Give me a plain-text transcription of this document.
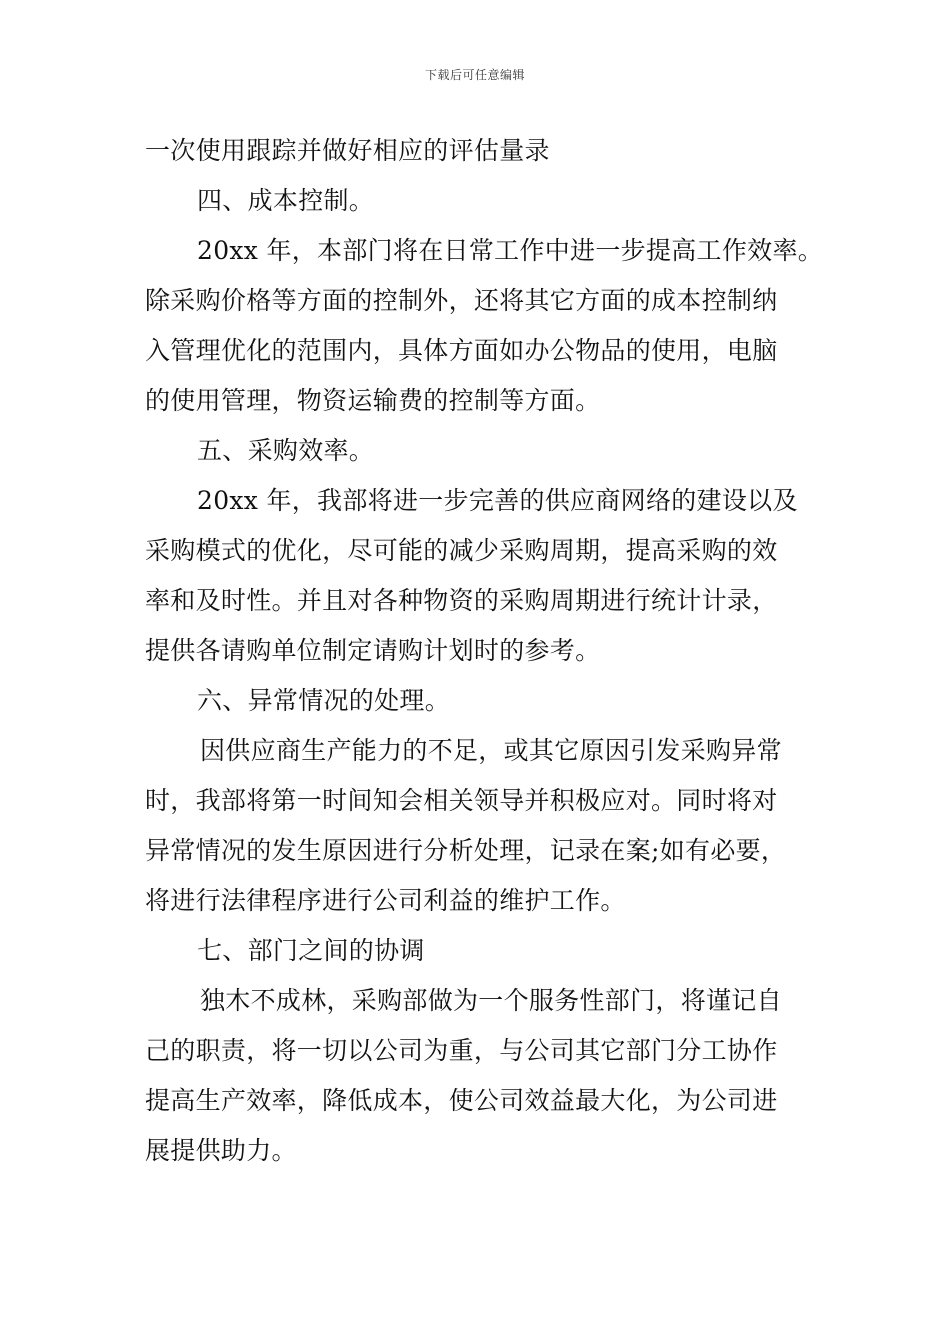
下载后可任意编辑
一次使用跟踪并做好相应的评估量录
四、成本控制。
20xx 年，本部门将在日常工作中进一步提高工作效率。
除采购价格等方面的控制外，还将其它方面的成本控制纳
入管理优化的范围内，具体方面如办公物品的使用，电脑
的使用管理，物资运输费的控制等方面。
五、采购效率。
20xx 年，我部将进一步完善的供应商网络的建设以及
采购模式的优化，尽可能的减少采购周期，提高采购的效
率和及时性。并且对各种物资的采购周期进行统计计录，
提供各请购单位制定请购计划时的参考。
六、异常情况的处理。
因供应商生产能力的不足，或其它原因引发采购异常
时，我部将第一时间知会相关领导并积极应对。同时将对
异常情况的发生原因进行分析处理，记录在案;如有必要，
将进行法律程序进行公司利益的维护工作。
七、部门之间的协调
独木不成林，采购部做为一个服务性部门，将谨记自
己的职责，将一切以公司为重，与公司其它部门分工协作
提高生产效率，降低成本，使公司效益最大化，为公司进
展提供助力。
